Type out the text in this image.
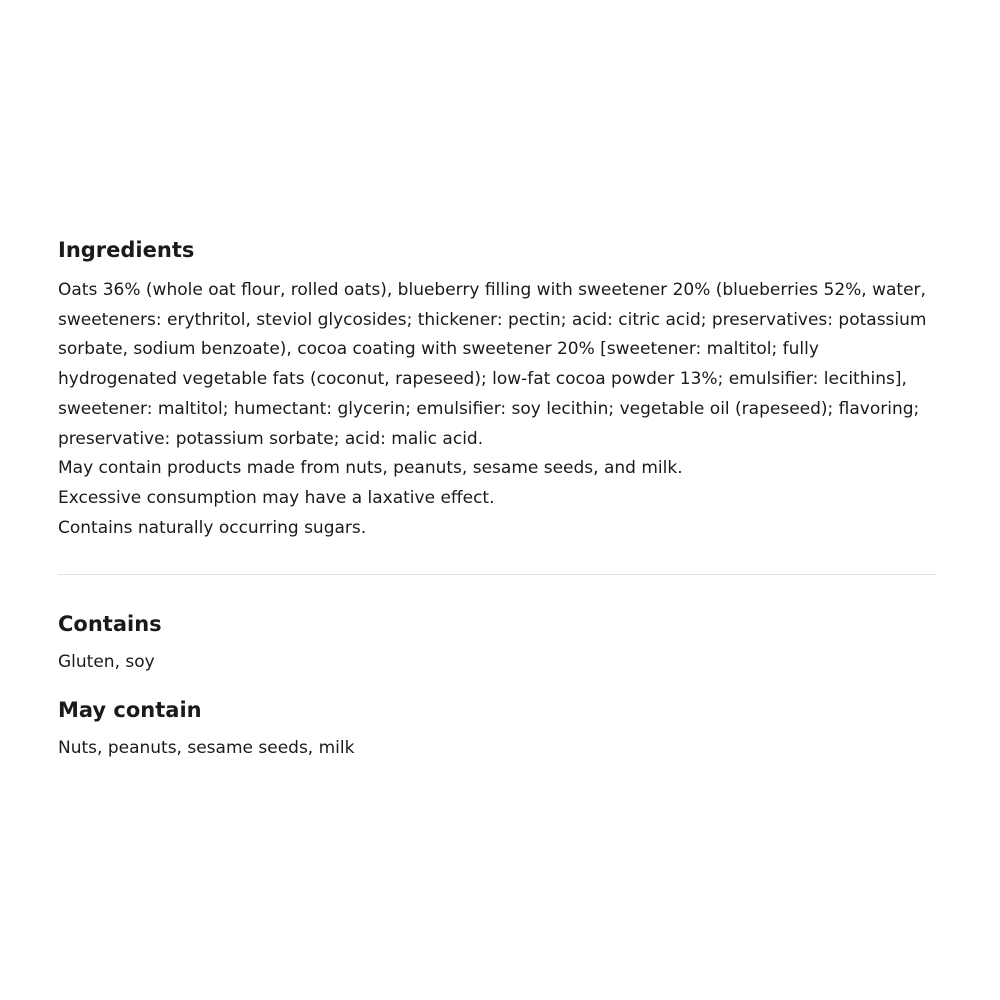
Ingredients

Oats 36% (whole oat flour, rolled oats), blueberry filling with sweetener 20% (blueberries 52%, water, sweeteners: erythritol, steviol glycosides; thickener: pectin; acid: citric acid; preservatives: potassium sorbate, sodium benzoate), cocoa coating with sweetener 20% [sweetener: maltitol; fully hydrogenated vegetable fats (coconut, rapeseed); low-fat cocoa powder 13%; emulsifier: lecithins], sweetener: maltitol; humectant: glycerin; emulsifier: soy lecithin; vegetable oil (rapeseed); flavoring; preservative: potassium sorbate; acid: malic acid.

May contain products made from nuts, peanuts, sesame seeds, and milk.

Excessive consumption may have a laxative effect.

Contains naturally occurring sugars.

Contains

Gluten, soy

May contain

Nuts, peanuts, sesame seeds, milk
